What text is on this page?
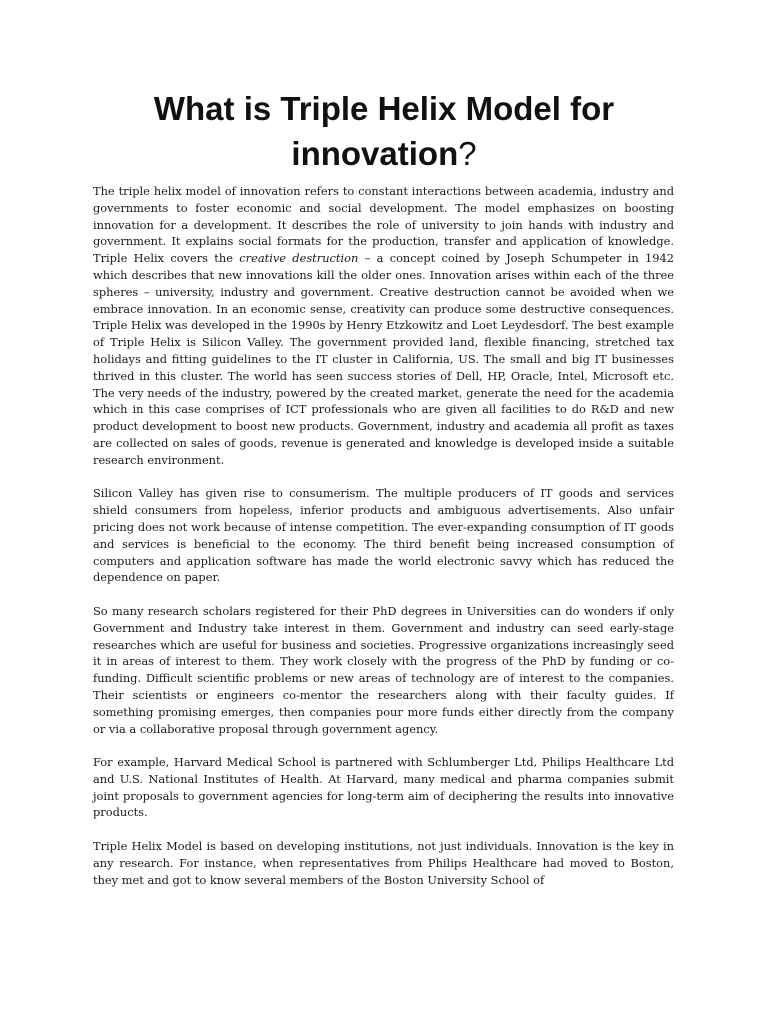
What is Triple Helix Model for innovation?

The triple helix model of innovation refers to constant interactions between academia, industry and governments to foster economic and social development. The model emphasizes on boosting innovation for a development. It describes the role of university to join hands with industry and government. It explains social formats for the production, transfer and application of knowledge. Triple Helix covers the creative destruction – a concept coined by Joseph Schumpeter in 1942 which describes that new innovations kill the older ones. Innovation arises within each of the three spheres – university, industry and government. Creative destruction cannot be avoided when we embrace innovation. In an economic sense, creativity can produce some destructive consequences. Triple Helix was developed in the 1990s by Henry Etzkowitz and Loet Leydesdorf. The best example of Triple Helix is Silicon Valley. The government provided land, flexible financing, stretched tax holidays and fitting guidelines to the IT cluster in California, US. The small and big IT businesses thrived in this cluster. The world has seen success stories of Dell, HP, Oracle, Intel, Microsoft etc. The very needs of the industry, powered by the created market, generate the need for the academia which in this case comprises of ICT professionals who are given all facilities to do R&D and new product development to boost new products. Government, industry and academia all profit as taxes are collected on sales of goods, revenue is generated and knowledge is developed inside a suitable research environment.

Silicon Valley has given rise to consumerism. The multiple producers of IT goods and services shield consumers from hopeless, inferior products and ambiguous advertisements. Also unfair pricing does not work because of intense competition. The ever-expanding consumption of IT goods and services is beneficial to the economy. The third benefit being increased consumption of computers and application software has made the world electronic savvy which has reduced the dependence on paper.

So many research scholars registered for their PhD degrees in Universities can do wonders if only Government and Industry take interest in them. Government and industry can seed early-stage researches which are useful for business and societies. Progressive organizations increasingly seed it in areas of interest to them. They work closely with the progress of the PhD by funding or co-funding. Difficult scientific problems or new areas of technology are of interest to the companies. Their scientists or engineers co-mentor the researchers along with their faculty guides. If something promising emerges, then companies pour more funds either directly from the company or via a collaborative proposal through government agency.

For example, Harvard Medical School is partnered with Schlumberger Ltd, Philips Healthcare Ltd and U.S. National Institutes of Health. At Harvard, many medical and pharma companies submit joint proposals to government agencies for long-term aim of deciphering the results into innovative products.

Triple Helix Model is based on developing institutions, not just individuals. Innovation is the key in any research. For instance, when representatives from Philips Healthcare had moved to Boston, they met and got to know several members of the Boston University School of
